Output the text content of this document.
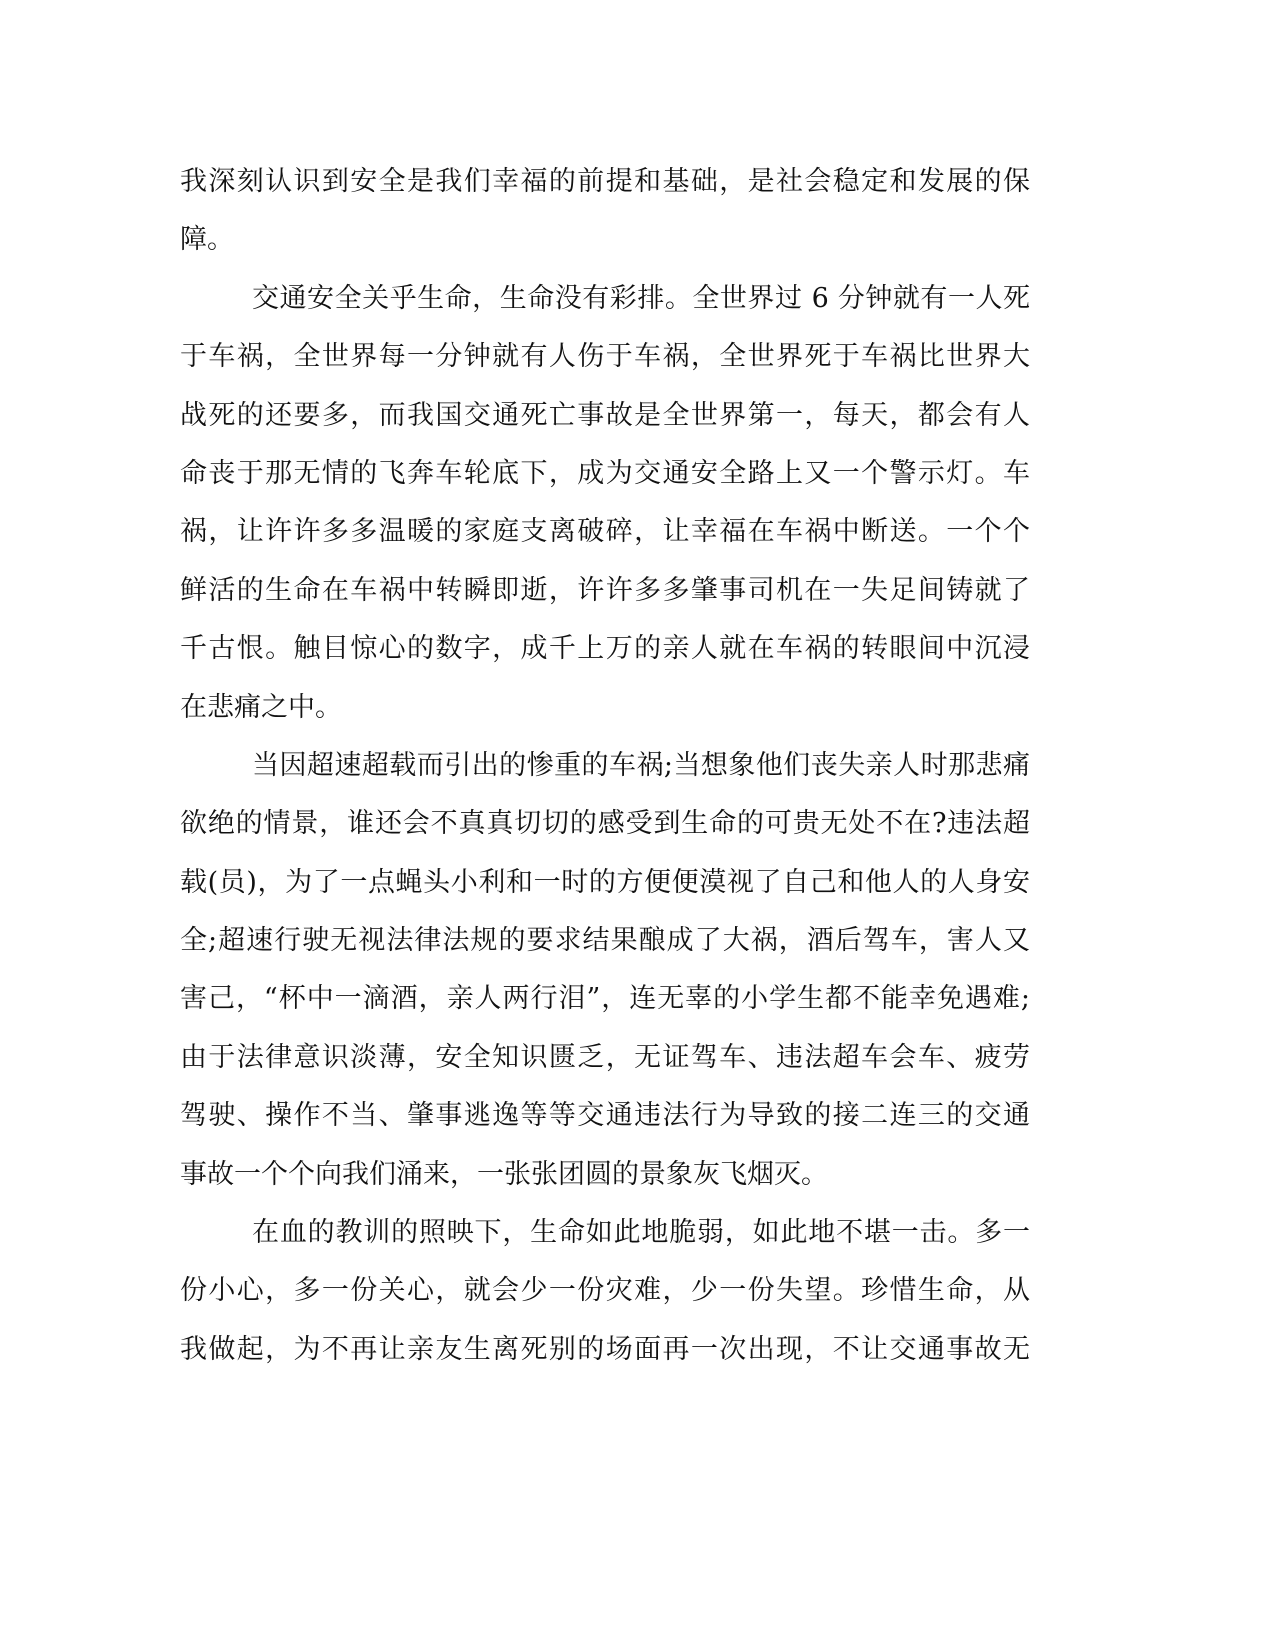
我深刻认识到安全是我们幸福的前提和基础，是社会稳定和发展的保
障。
交通安全关乎生命，生命没有彩排。全世界过 6 分钟就有一人死
于车祸，全世界每一分钟就有人伤于车祸，全世界死于车祸比世界大
战死的还要多，而我国交通死亡事故是全世界第一，每天，都会有人
命丧于那无情的飞奔车轮底下，成为交通安全路上又一个警示灯。车
祸，让许许多多温暖的家庭支离破碎，让幸福在车祸中断送。一个个
鲜活的生命在车祸中转瞬即逝，许许多多肇事司机在一失足间铸就了
千古恨。触目惊心的数字，成千上万的亲人就在车祸的转眼间中沉浸
在悲痛之中。
当因超速超载而引出的惨重的车祸;当想象他们丧失亲人时那悲痛
欲绝的情景，谁还会不真真切切的感受到生命的可贵无处不在?违法超
载(员)，为了一点蝇头小利和一时的方便便漠视了自己和他人的人身安
全;超速行驶无视法律法规的要求结果酿成了大祸，酒后驾车，害人又
害己，“杯中一滴酒，亲人两行泪”，连无辜的小学生都不能幸免遇难;
由于法律意识淡薄，安全知识匮乏，无证驾车、违法超车会车、疲劳
驾驶、操作不当、肇事逃逸等等交通违法行为导致的接二连三的交通
事故一个个向我们涌来，一张张团圆的景象灰飞烟灭。
在血的教训的照映下，生命如此地脆弱，如此地不堪一击。多一
份小心，多一份关心，就会少一份灾难，少一份失望。珍惜生命，从
我做起，为不再让亲友生离死别的场面再一次出现，不让交通事故无
